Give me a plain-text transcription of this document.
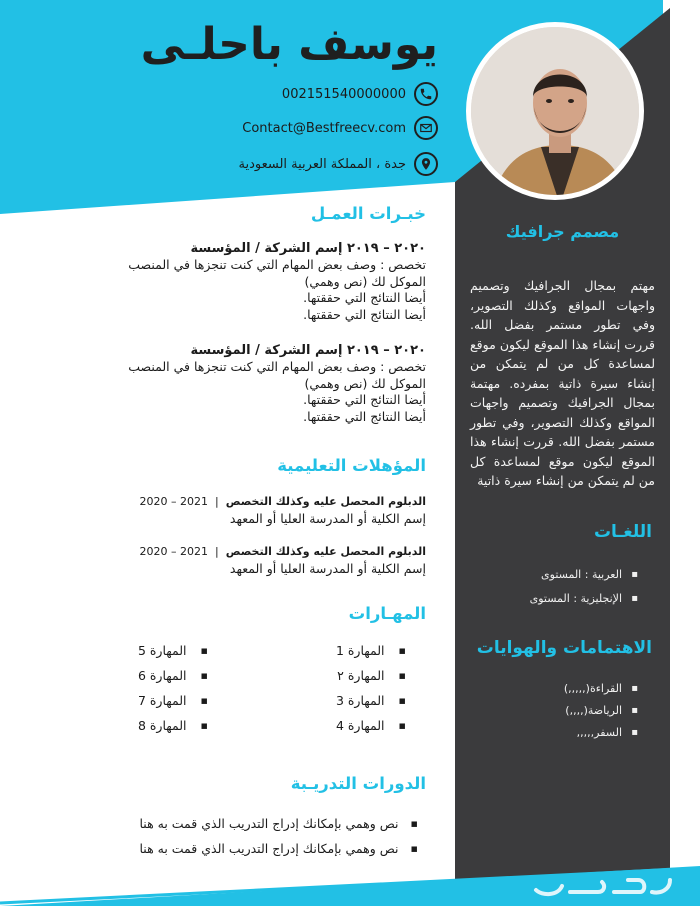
يوسف باحلـى
002151540000000
Contact@Bestfreecv.com
جدة ، المملكة العربية السعودية
مصمم جرافيك
مهتم بمجال الجرافيك وتصميم واجهات المواقع وكذلك التصوير، وفي تطور مستمر بفضل الله. قررت إنشاء هذا الموقع ليكون موقع لمساعدة كل من لم يتمكن من إنشاء سيرة ذاتية بمفرده. مهتمة بمجال الجرافيك وتصميم واجهات المواقع وكذلك التصوير، وفي تطور مستمر بفضل الله. قررت إنشاء هذا الموقع ليكون موقع لمساعدة كل من لم يتمكن من إنشاء سيرة ذاتية
اللغـات
▪ العربية : المستوى
▪ الإنجليزية : المستوى
الاهتمامات والهوايات
▪ القراءة(,,,,,)
▪ الرياضة(,,,,)
▪ السفر,,,,,
خبـرات العمـل
٢٠٢٠ – ٢٠١٩ إسم الشركة / المؤسسة
تخصص : وصف بعض المهام التي كنت تنجزها في المنصب
الموكل لك (نص وهمي)
أيضا النتائج التي حققتها.
أيضا النتائج التي حققتها.
٢٠٢٠ – ٢٠١٩ إسم الشركة / المؤسسة
تخصص : وصف بعض المهام التي كنت تنجزها في المنصب
الموكل لك (نص وهمي)
أيضا النتائج التي حققتها.
أيضا النتائج التي حققتها.
المؤهلات التعليمية
الدبلوم المحصل عليه وكذلك التخصص  |  2020 – 2021
إسم الكلية أو المدرسة العليا أو المعهد
الدبلوم المحصل عليه وكذلك التخصص  |  2020 – 2021
إسم الكلية أو المدرسة العليا أو المعهد
المهـارات
▪
المهارة 1
▪
المهارة ٢
▪
المهارة 3
▪
المهارة 4
▪
المهارة 5
▪
المهارة 6
▪
المهارة 7
▪
المهارة 8
الدورات التدريـبة
▪
نص وهمي بإمكانك إدراج التدريب الذي قمت به هنا
▪
نص وهمي بإمكانك إدراج التدريب الذي قمت به هنا
